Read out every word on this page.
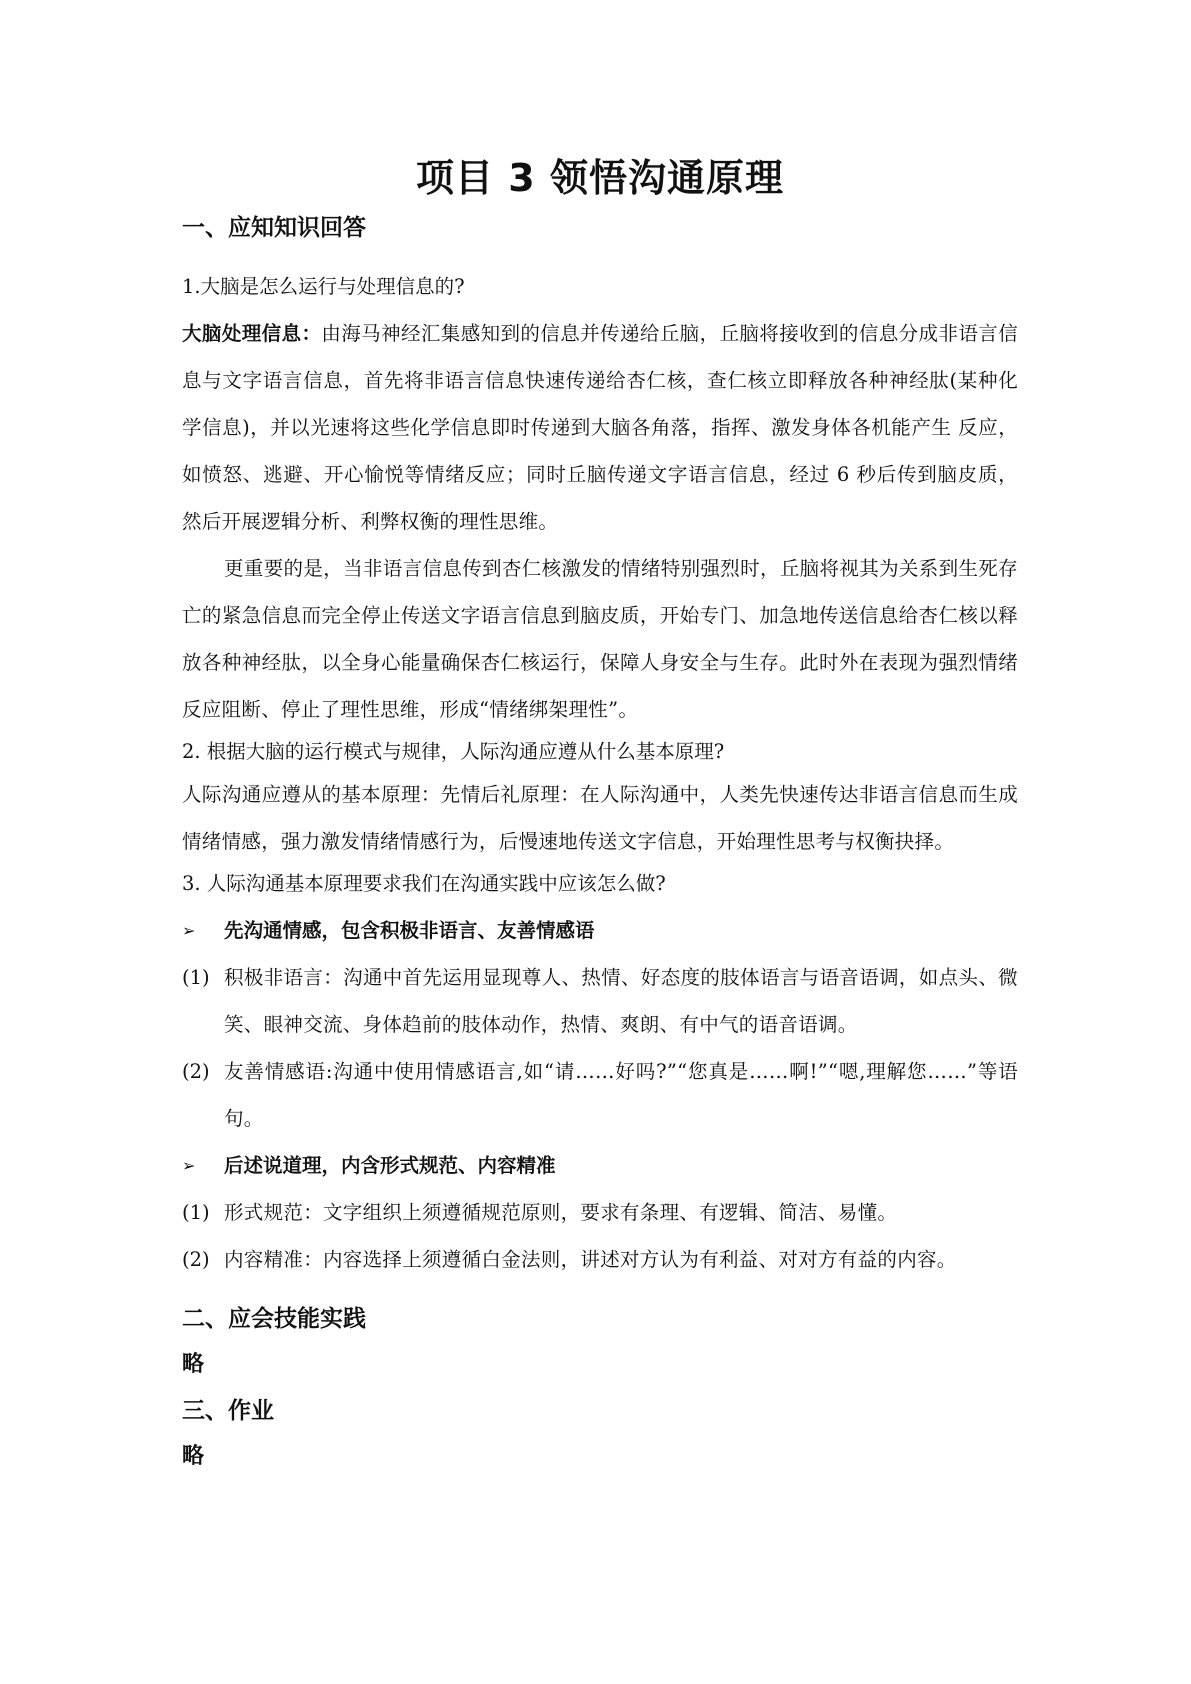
项目 3 领悟沟通原理
一、应知知识回答

1.大脑是怎么运行与处理信息的?

大脑处理信息：由海马神经汇集感知到的信息并传递给丘脑，丘脑将接收到的信息分成非语言信息与文字语言信息，首先将非语言信息快速传递给杏仁核，查仁核立即释放各种神经肽(某种化学信息)，并以光速将这些化学信息即时传递到大脑各角落，指挥、激发身体各机能产生 反应，如愤怒、逃避、开心愉悦等情绪反应；同时丘脑传递文字语言信息，经过 6 秒后传到脑皮质，然后开展逻辑分析、利弊权衡的理性思维。

更重要的是，当非语言信息传到杏仁核激发的情绪特别强烈时，丘脑将视其为关系到生死存亡的紧急信息而完全停止传送文字语言信息到脑皮质，开始专门、加急地传送信息给杏仁核以释放各种神经肽，以全身心能量确保杏仁核运行，保障人身安全与生存。此时外在表现为强烈情绪反应阻断、停止了理性思维，形成“情绪绑架理性”。

2. 根据大脑的运行模式与规律，人际沟通应遵从什么基本原理?

人际沟通应遵从的基本原理：先情后礼原理：在人际沟通中，人类先快速传达非语言信息而生成情绪情感，强力激发情绪情感行为，后慢速地传送文字信息，开始理性思考与权衡抉择。

3. 人际沟通基本原理要求我们在沟通实践中应该怎么做?

➢	先沟通情感，包含积极非语言、友善情感语
(1) 积极非语言：沟通中首先运用显现尊人、热情、好态度的肢体语言与语音语调，如点头、微笑、眼神交流、身体趋前的肢体动作，热情、爽朗、有中气的语音语调。
(2) 友善情感语:沟通中使用情感语言,如“请……好吗?”“您真是……啊!”“嗯,理解您……”等语句。
➢	后述说道理，内含形式规范、内容精准
(1) 形式规范：文字组织上须遵循规范原则，要求有条理、有逻辑、简洁、易懂。
(2) 内容精准：内容选择上须遵循白金法则，讲述对方认为有利益、对对方有益的内容。
二、应会技能实践

略

三、作业

略
